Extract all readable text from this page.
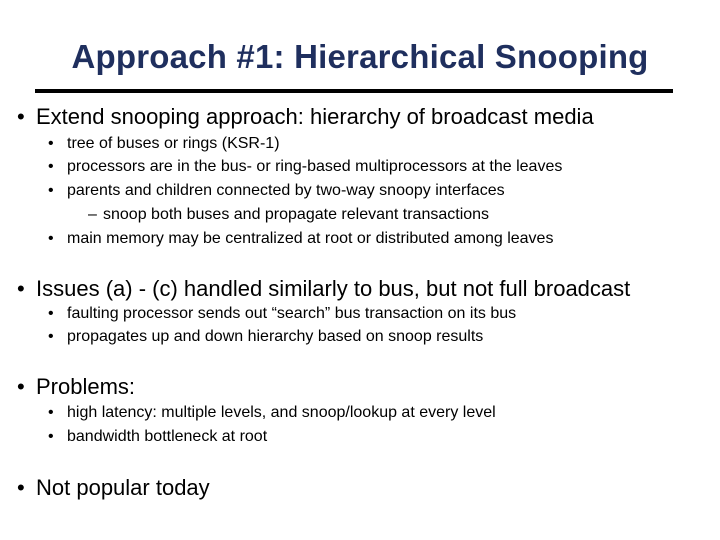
Approach #1: Hierarchical Snooping
• Extend snooping approach: hierarchy of broadcast media
• tree of buses or rings (KSR-1)
• processors are in the bus- or ring-based multiprocessors at the leaves
• parents and children connected by two-way snoopy interfaces
– snoop both buses and propagate relevant transactions
• main memory may be centralized at root or distributed among leaves
• Issues (a) - (c) handled similarly to bus, but not full broadcast
• faulting processor sends out “search” bus transaction on its bus
• propagates up and down hierarchy based on snoop results
• Problems:
• high latency: multiple levels, and snoop/lookup at every level
• bandwidth bottleneck at root
• Not popular today
